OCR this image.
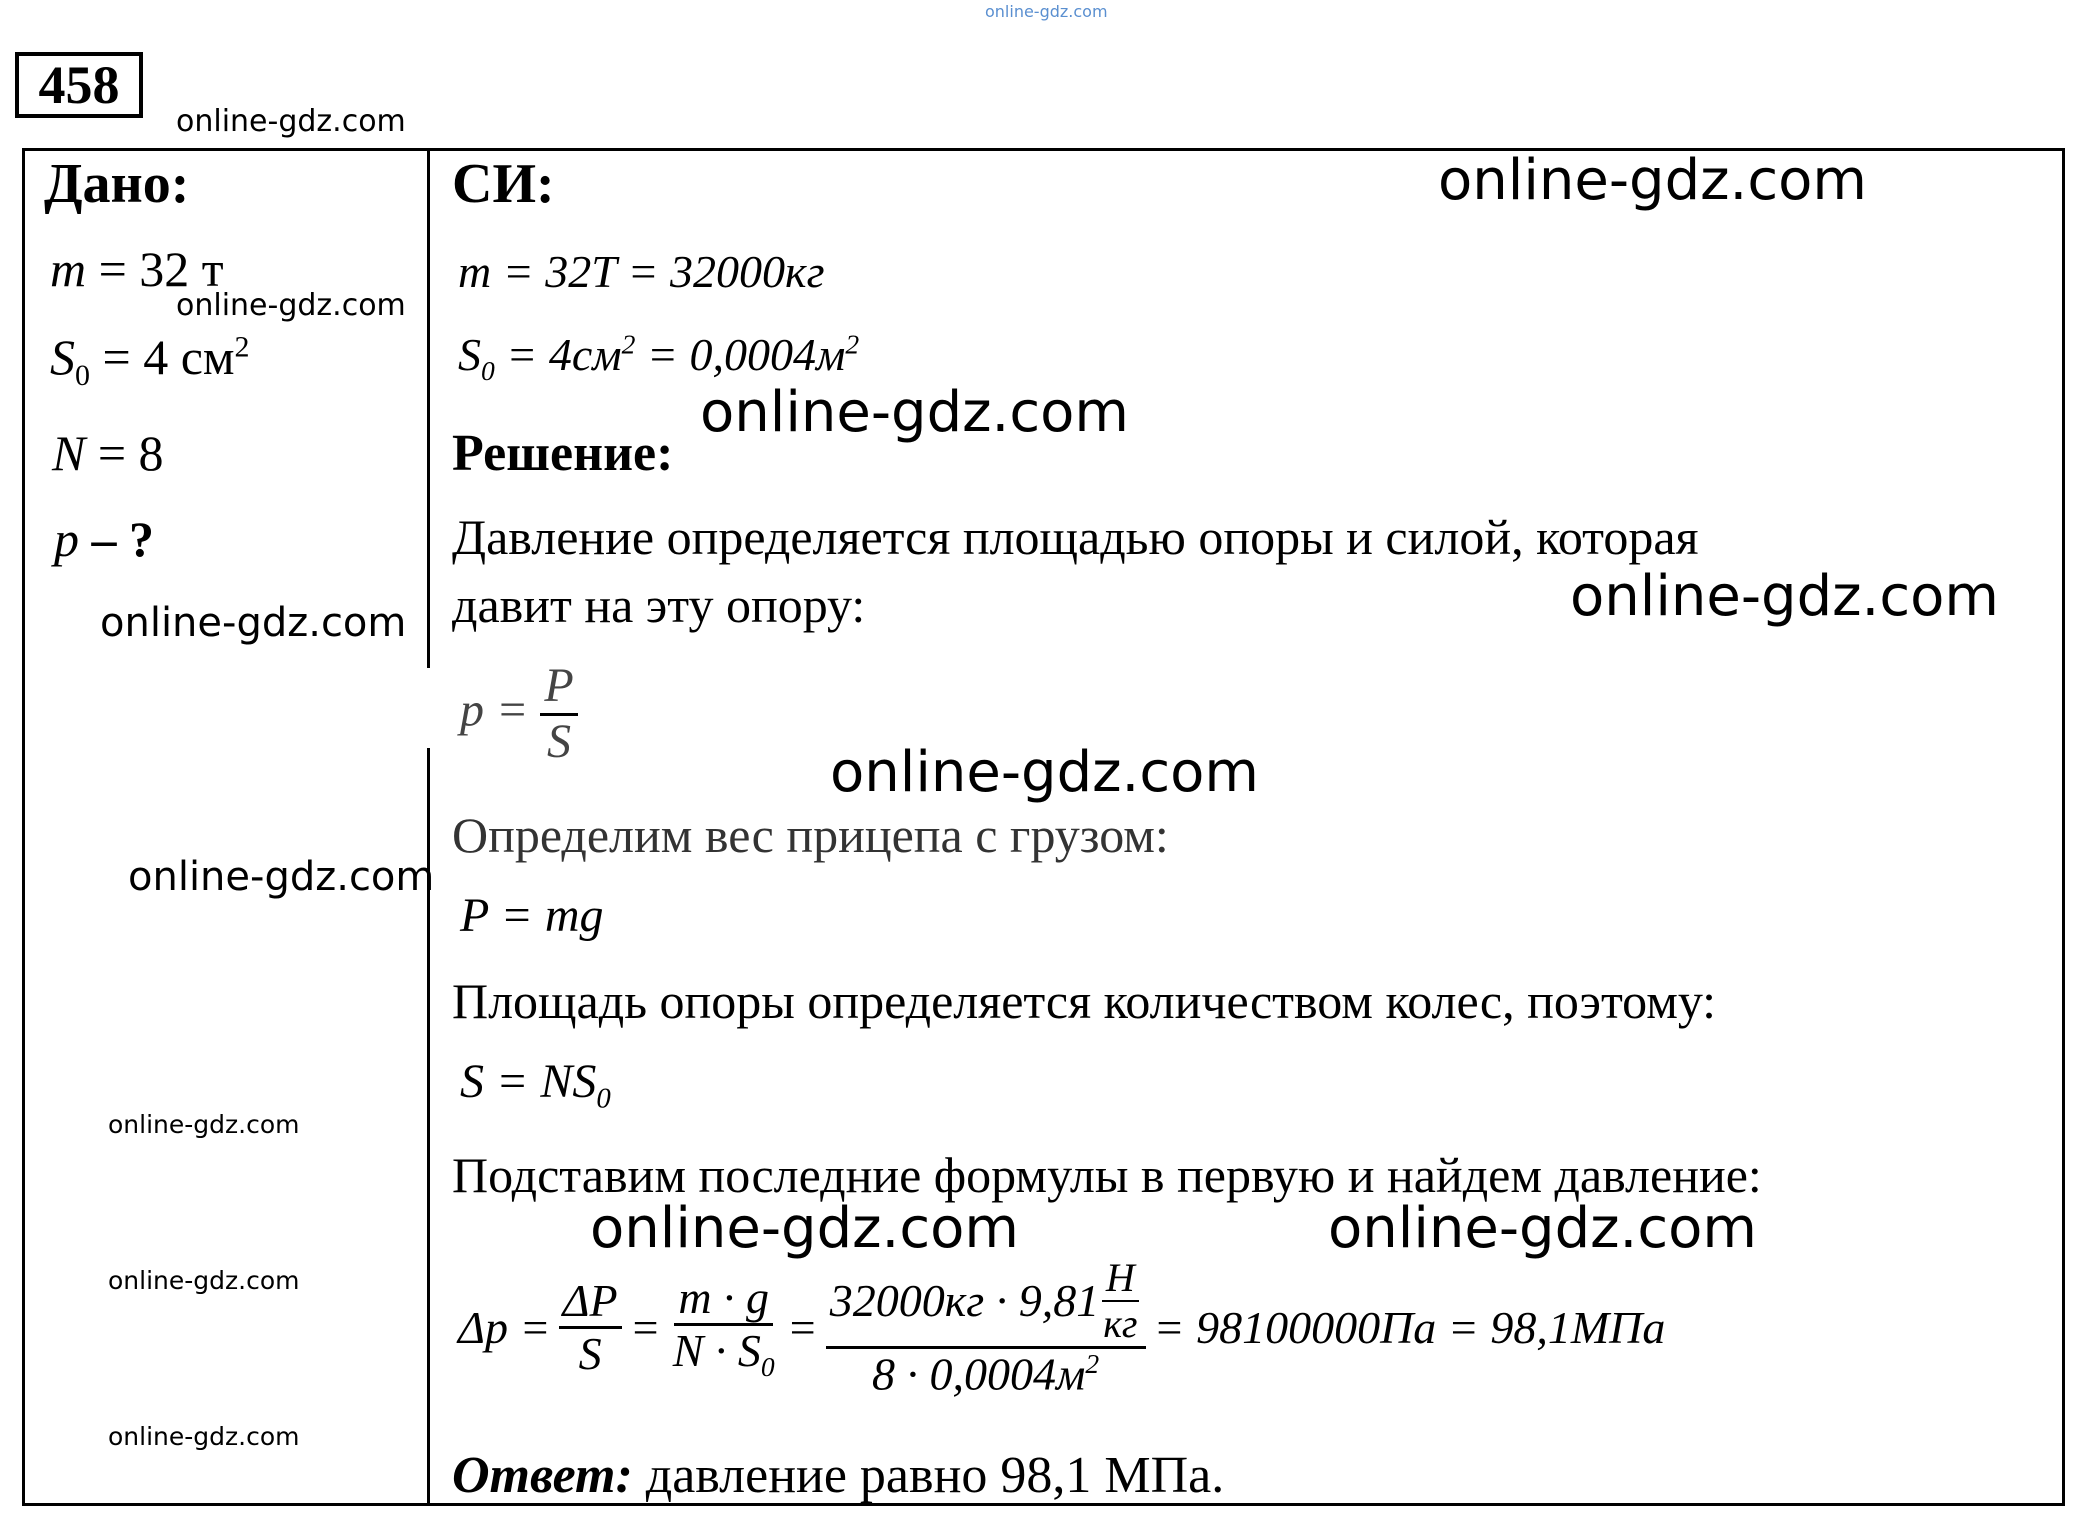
online-gdz.com
458
online-gdz.com
Дано:
m = 32 т
online-gdz.com
$S_0 = 4$ $см^2$
N = 8
p – ?
online-gdz.com
online-gdz.com
online-gdz.com
online-gdz.com
online-gdz.com
СИ:	online-gdz.com
m = 32T = 32000кг
$S_0 = 4см^2 = 0,0004м^2$
online-gdz.com
Решение:
Давление определяется площадью опоры и силой, которая
давит на эту опору:	online-gdz.com
$p = \frac{P}{S}$
online-gdz.com
Определим вес прицепа с грузом:
P = mg
Площадь опоры определяется количеством колес, поэтому:
$S = NS_0$
Подставим последние формулы в первую и найдем давление:
online-gdz.com	online-gdz.com
$\Delta p = \frac{\Delta P}{S} = \frac{m \cdot g}{N \cdot S_0} = \frac{32000кг \cdot 9,81 \frac{Н}{кг}}{8 \cdot 0,0004м^2} = 98100000Па = 98,1МПа$
Ответ: давление равно 98,1 МПа.
